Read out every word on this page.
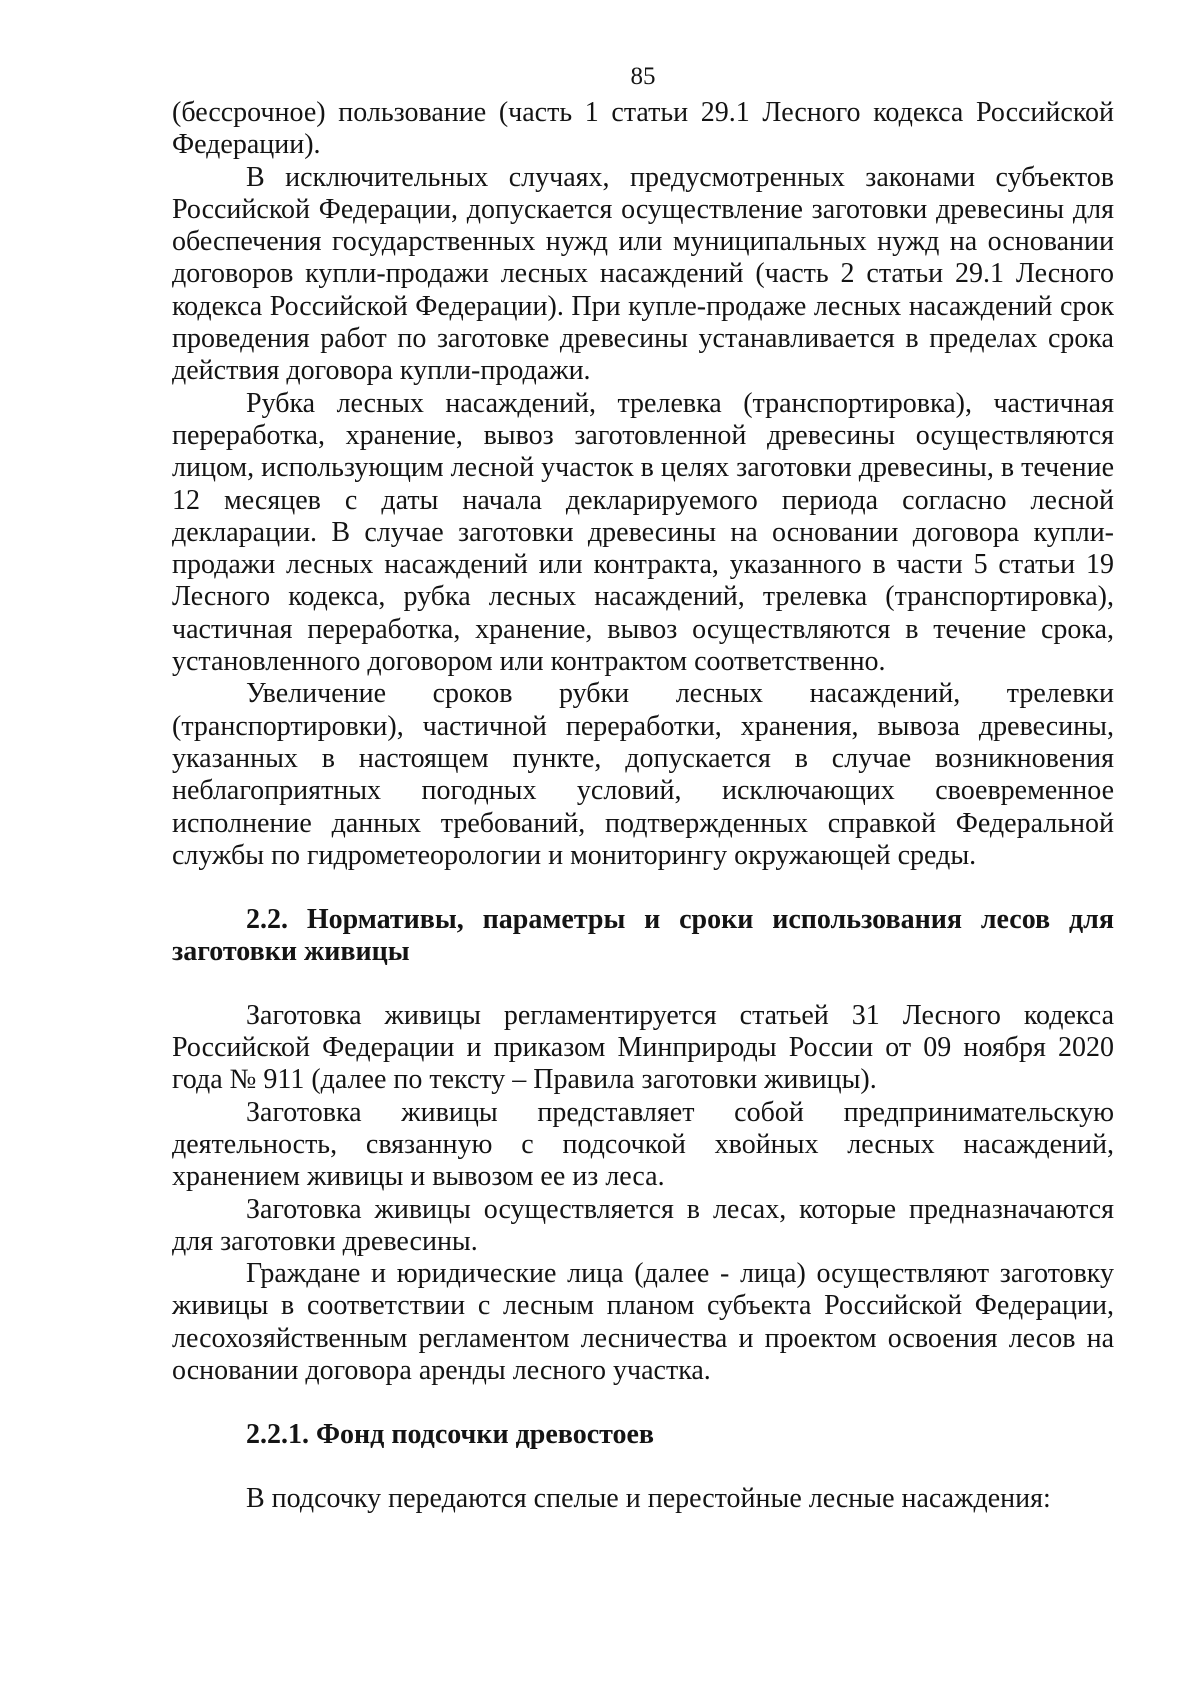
85

(бессрочное) пользование (часть 1 статьи 29.1 Лесного кодекса Российской Федерации).

В исключительных случаях, предусмотренных законами субъектов Российской Федерации, допускается осуществление заготовки древесины для обеспечения государственных нужд или муниципальных нужд на основании договоров купли-продажи лесных насаждений (часть 2 статьи 29.1 Лесного кодекса Российской Федерации). При купле-продаже лесных насаждений срок проведения работ по заготовке древесины устанавливается в пределах срока действия договора купли-продажи.

Рубка лесных насаждений, трелевка (транспортировка), частичная переработка, хранение, вывоз заготовленной древесины осуществляются лицом, использующим лесной участок в целях заготовки древесины, в течение 12 месяцев с даты начала декларируемого периода согласно лесной декларации. В случае заготовки древесины на основании договора купли-продажи лесных насаждений или контракта, указанного в части 5 статьи 19 Лесного кодекса, рубка лесных насаждений, трелевка (транспортировка), частичная переработка, хранение, вывоз осуществляются в течение срока, установленного договором или контрактом соответственно.

Увеличение сроков рубки лесных насаждений, трелевки (транспортировки), частичной переработки, хранения, вывоза древесины, указанных в настоящем пункте, допускается в случае возникновения неблагоприятных погодных условий, исключающих своевременное исполнение данных требований, подтвержденных справкой Федеральной службы по гидрометеорологии и мониторингу окружающей среды.

2.2. Нормативы, параметры и сроки использования лесов для заготовки живицы

Заготовка живицы регламентируется статьей 31 Лесного кодекса Российской Федерации и приказом Минприроды России от 09 ноября 2020 года № 911 (далее по тексту – Правила заготовки живицы).

Заготовка живицы представляет собой предпринимательскую деятельность, связанную с подсочкой хвойных лесных насаждений, хранением живицы и вывозом ее из леса.

Заготовка живицы осуществляется в лесах, которые предназначаются для заготовки древесины.

Граждане и юридические лица (далее - лица) осуществляют заготовку живицы в соответствии с лесным планом субъекта Российской Федерации, лесохозяйственным регламентом лесничества и проектом освоения лесов на основании договора аренды лесного участка.

2.2.1. Фонд подсочки древостоев

В подсочку передаются спелые и перестойные лесные насаждения:
